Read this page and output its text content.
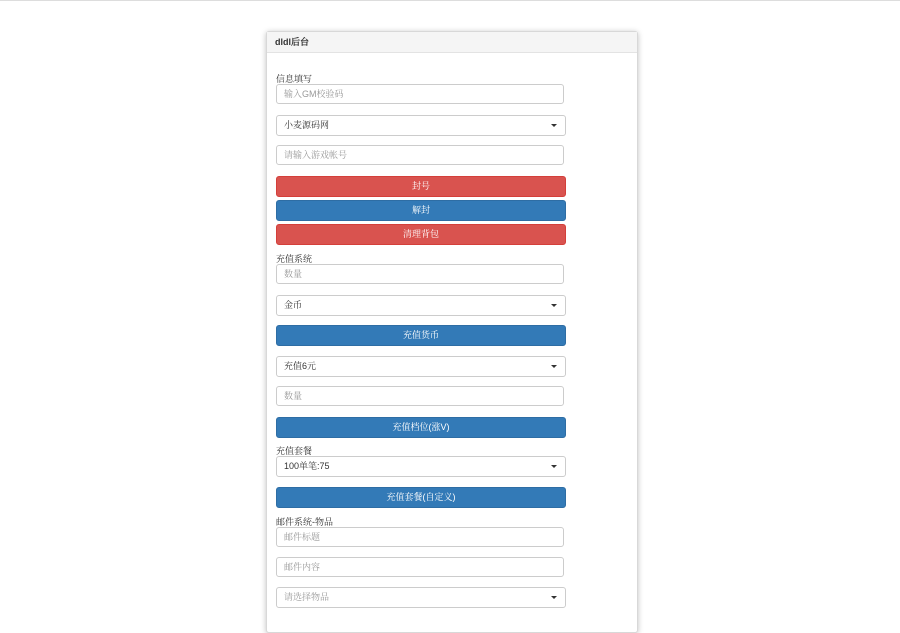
dldl后台
信息填写
输入GM校验码
小麦源码网
请输入游戏帐号
封号
解封
清理背包
充值系统
数量
金币
充值货币
充值6元
数量
充值档位(涨V)
充值套餐
100单笔:75
充值套餐(自定义)
邮件系统-物品
邮件标题
邮件内容
请选择物品
